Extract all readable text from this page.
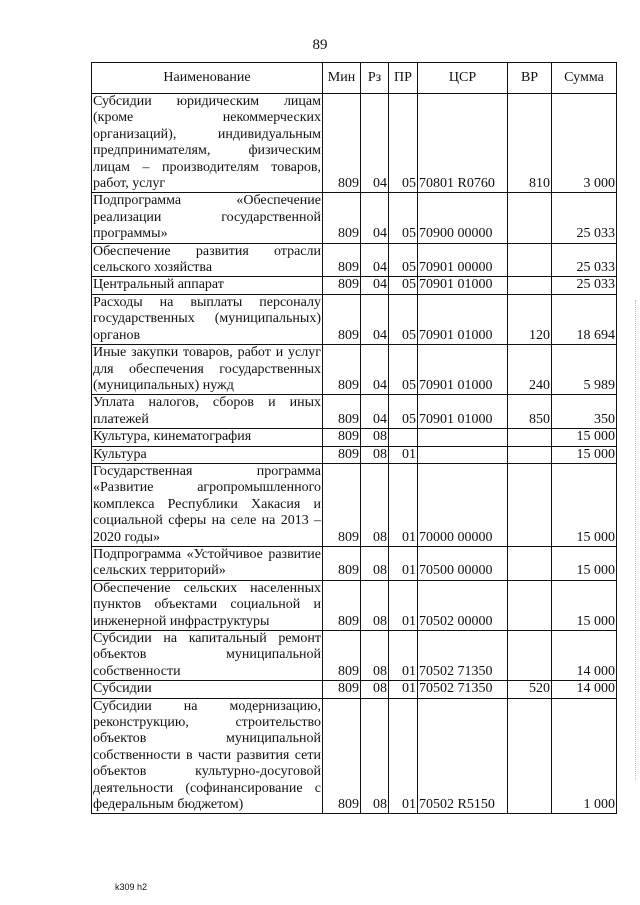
89
Наименование	Мин	Рз	ПР	ЦСР	ВР	Сумма
Субсидии юридическим лицам (кроме некоммерческих организаций), индивидуальным предпринимателям, физическим лицам – производителям товаров, работ, услуг	809	04	05	70801 R0760	810	3 000
Подпрограмма «Обеспечение реализации государственной программы»	809	04	05	70900 00000		25 033
Обеспечение развития отрасли сельского хозяйства	809	04	05	70901 00000		25 033
Центральный аппарат	809	04	05	70901 01000		25 033
Расходы на выплаты персоналу государственных (муниципальных) органов	809	04	05	70901 01000	120	18 694
Иные закупки товаров, работ и услуг для обеспечения государственных (муниципальных) нужд	809	04	05	70901 01000	240	5 989
Уплата налогов, сборов и иных платежей	809	04	05	70901 01000	850	350
Культура, кинематография	809	08				15 000
Культура	809	08	01			15 000
Государственная программа «Развитие агропромышленного комплекса Республики Хакасия и социальной сферы на селе на 2013 – 2020 годы»	809	08	01	70000 00000		15 000
Подпрограмма «Устойчивое развитие сельских территорий»	809	08	01	70500 00000		15 000
Обеспечение сельских населенных пунктов объектами социальной и инженерной инфраструктуры	809	08	01	70502 00000		15 000
Субсидии на капитальный ремонт объектов муниципальной собственности	809	08	01	70502 71350		14 000
Субсидии	809	08	01	70502 71350	520	14 000
Субсидии на модернизацию, реконструкцию, строительство объектов муниципальной собственности в части развития сети объектов культурно-досуговой деятельности (софинансирование с федеральным бюджетом)	809	08	01	70502 R5150		1 000
k309 h2
